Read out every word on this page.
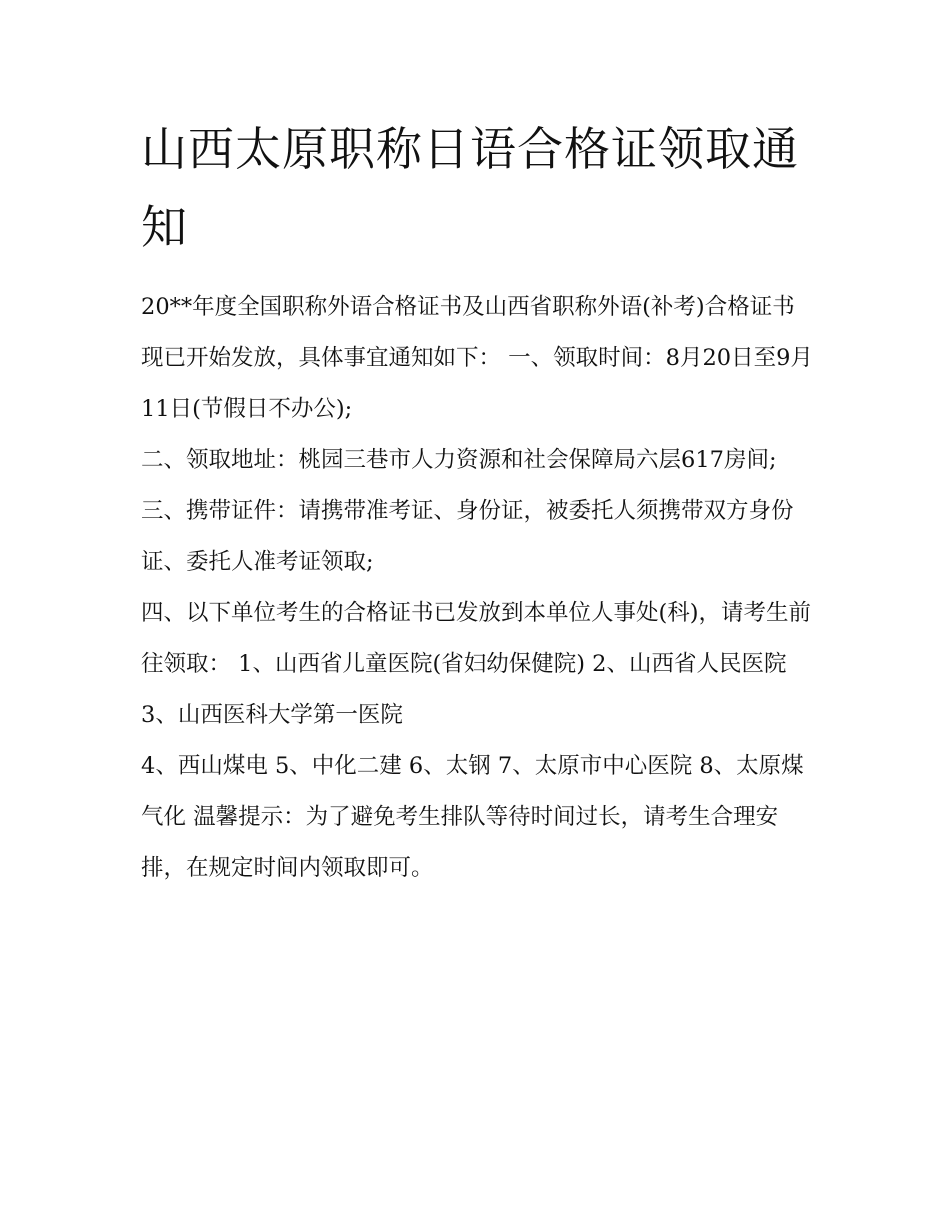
山西太原职称日语合格证领取通知

20**年度全国职称外语合格证书及山西省职称外语(补考)合格证书现已开始发放，具体事宜通知如下： 一、领取时间：8月20日至9月11日(节假日不办公);

二、领取地址：桃园三巷市人力资源和社会保障局六层617房间; 三、携带证件：请携带准考证、身份证，被委托人须携带双方身份证、委托人准考证领取;

四、以下单位考生的合格证书已发放到本单位人事处(科)，请考生前往领取： 1、山西省儿童医院(省妇幼保健院) 2、山西省人民医院 3、山西医科大学第一医院

4、西山煤电 5、中化二建 6、太钢 7、太原市中心医院 8、太原煤气化 温馨提示：为了避免考生排队等待时间过长，请考生合理安排，在规定时间内领取即可。
